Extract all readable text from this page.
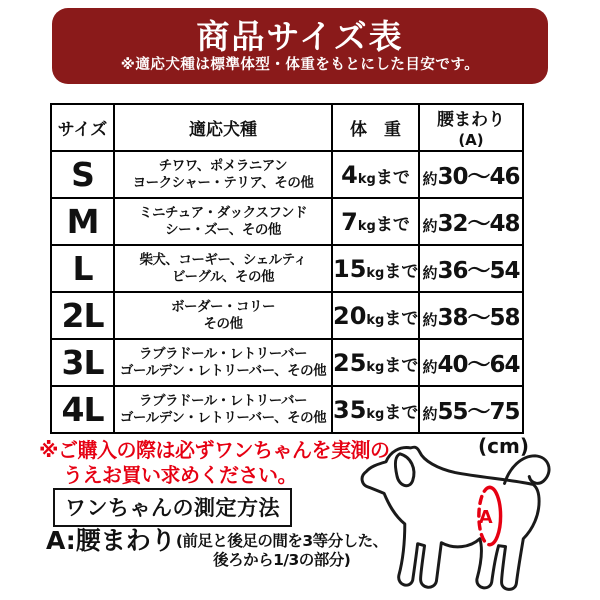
商品サイズ表
※適応犬種は標準体型・体重をもとにした目安です。
サイズ	適応犬種	体　重	腰まわり
(A)
S	チワワ、ポメラニアン
ヨークシャー・テリア、その他	4kgまで	約30〜46
M	ミニチュア・ダックスフンド
シー・ズー、その他	7kgまで	約32〜48
L	柴犬、コーギー、シェルティ
ビーグル、その他	15kgまで	約36〜54
2L	ボーダー・コリー
その他	20kgまで	約38〜58
3L	ラブラドール・レトリーバー
ゴールデン・レトリーバー、その他	25kgまで	約40〜64
4L	ラブラドール・レトリーバー
ゴールデン・レトリーバー、その他	35kgまで	約55〜75
※ご購入の際は必ずワンちゃんを実測の
うえお買い求めください。
(cm)
ワンちゃんの測定方法
A:腰まわり (前足と後足の間を3等分した、
後ろから1/3の部分)
A
